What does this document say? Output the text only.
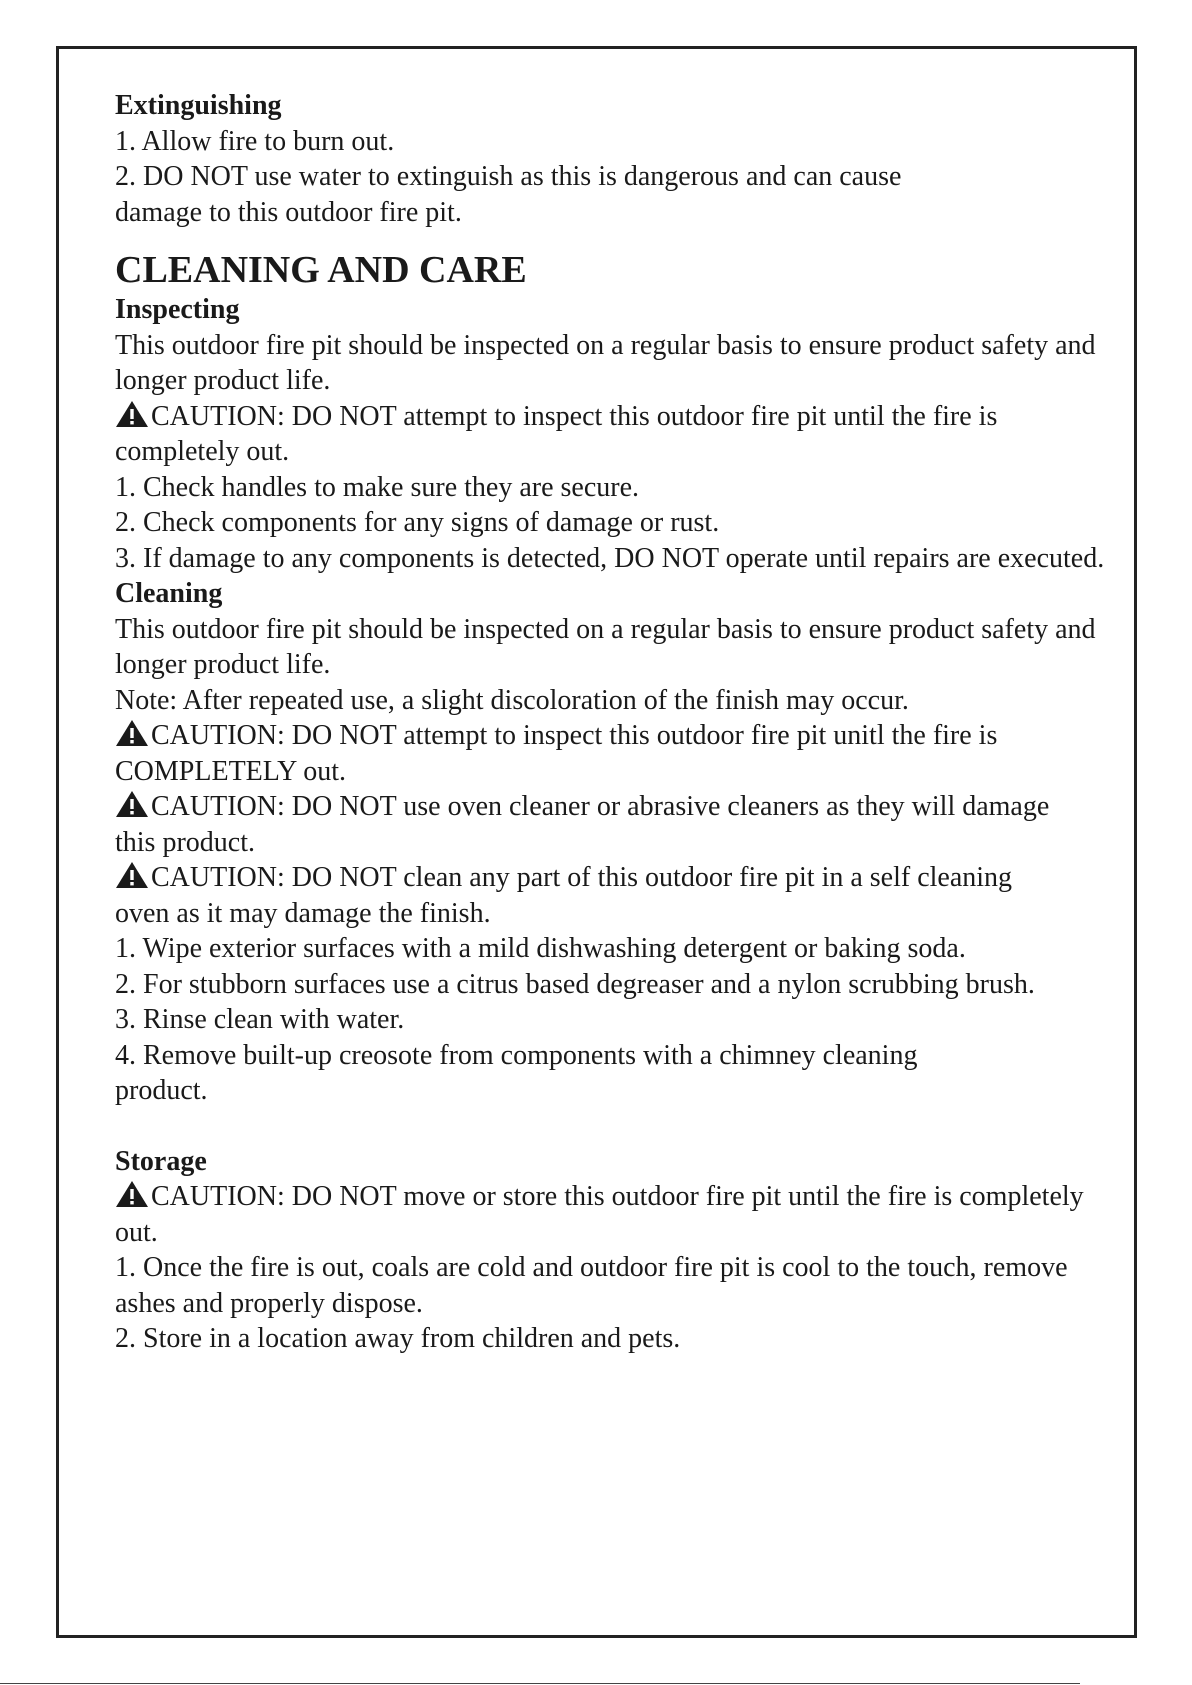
Extinguishing

1. Allow fire to burn out.

2. DO NOT use water to extinguish as this is dangerous and can cause damage to this outdoor fire pit.

CLEANING AND CARE

Inspecting

This outdoor fire pit should be inspected on a regular basis to ensure product safety and longer product life.

CAUTION: DO NOT attempt to inspect this outdoor fire pit until the fire is completely out.

1. Check handles to make sure they are secure.

2. Check components for any signs of damage or rust.

3. If damage to any components is detected, DO NOT operate until repairs are executed.

Cleaning

This outdoor fire pit should be inspected on a regular basis to ensure product safety and longer product life.

Note: After repeated use, a slight discoloration of the finish may occur.

CAUTION: DO NOT attempt to inspect this outdoor fire pit unitl the fire is COMPLETELY out.

CAUTION: DO NOT use oven cleaner or abrasive cleaners as they will damage this product.

CAUTION: DO NOT clean any part of this outdoor fire pit in a self cleaning oven as it may damage the finish.

1. Wipe exterior surfaces with a mild dishwashing detergent or baking soda.

2. For stubborn surfaces use a citrus based degreaser and a nylon scrubbing brush.

3. Rinse clean with water.

4. Remove built-up creosote from components with a chimney cleaning product.

Storage

CAUTION: DO NOT move or store this outdoor fire pit until the fire is completely out.

1. Once the fire is out, coals are cold and outdoor fire pit is cool to the touch, remove ashes and properly dispose.

2. Store in a location away from children and pets.
